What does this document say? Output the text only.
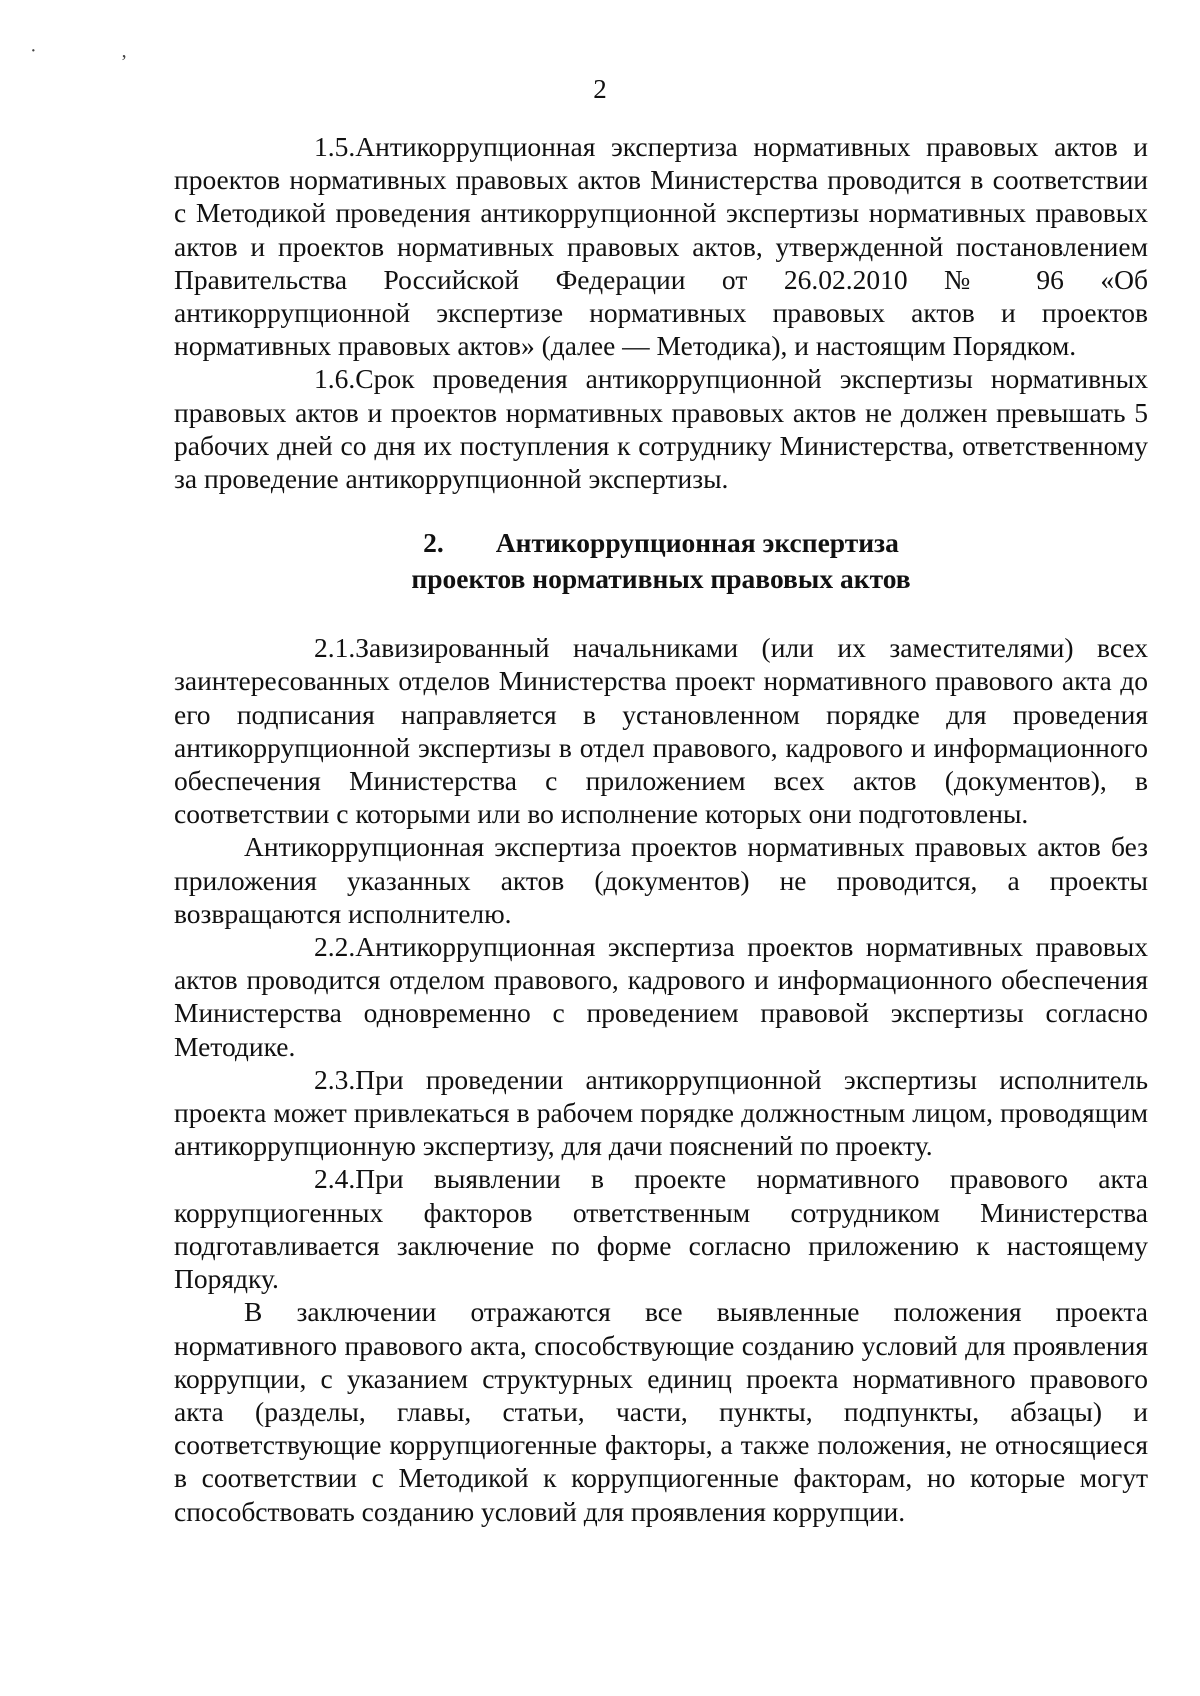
· ,
2

1.5.Антикоррупционная экспертиза нормативных правовых актов и проектов нормативных правовых актов Министерства проводится в соответствии с Методикой проведения антикоррупционной экспертизы нормативных правовых актов и проектов нормативных правовых актов, утвержденной постановлением Правительства Российской Федерации от 26.02.2010 № 96 «Об антикоррупционной экспертизе нормативных правовых актов и проектов нормативных правовых актов» (далее — Методика), и настоящим Порядком.

1.6.Срок проведения антикоррупционной экспертизы нормативных правовых актов и проектов нормативных правовых актов не должен превышать 5 рабочих дней со дня их поступления к сотруднику Министерства, ответственному за проведение антикоррупционной экспертизы.

2. Антикоррупционная экспертиза
проектов нормативных правовых актов

2.1.Завизированный начальниками (или их заместителями) всех заинтересованных отделов Министерства проект нормативного правового акта до его подписания направляется в установленном порядке для проведения антикоррупционной экспертизы в отдел правового, кадрового и информационного обеспечения Министерства с приложением всех актов (документов), в соответствии с которыми или во исполнение которых они подготовлены.

Антикоррупционная экспертиза проектов нормативных правовых актов без приложения указанных актов (документов) не проводится, а проекты возвращаются исполнителю.

2.2.Антикоррупционная экспертиза проектов нормативных правовых актов проводится отделом правового, кадрового и информационного обеспечения Министерства одновременно с проведением правовой экспертизы согласно Методике.

2.3.При проведении антикоррупционной экспертизы исполнитель проекта может привлекаться в рабочем порядке должностным лицом, проводящим антикоррупционную экспертизу, для дачи пояснений по проекту.

2.4.При выявлении в проекте нормативного правового акта коррупциогенных факторов ответственным сотрудником Министерства подготавливается заключение по форме согласно приложению к настоящему Порядку.

В заключении отражаются все выявленные положения проекта нормативного правового акта, способствующие созданию условий для проявления коррупции, с указанием структурных единиц проекта нормативного правового акта (разделы, главы, статьи, части, пункты, подпункты, абзацы) и соответствующие коррупциогенные факторы, а также положения, не относящиеся в соответствии с Методикой к коррупциогенные факторам, но которые могут способствовать созданию условий для проявления коррупции.
